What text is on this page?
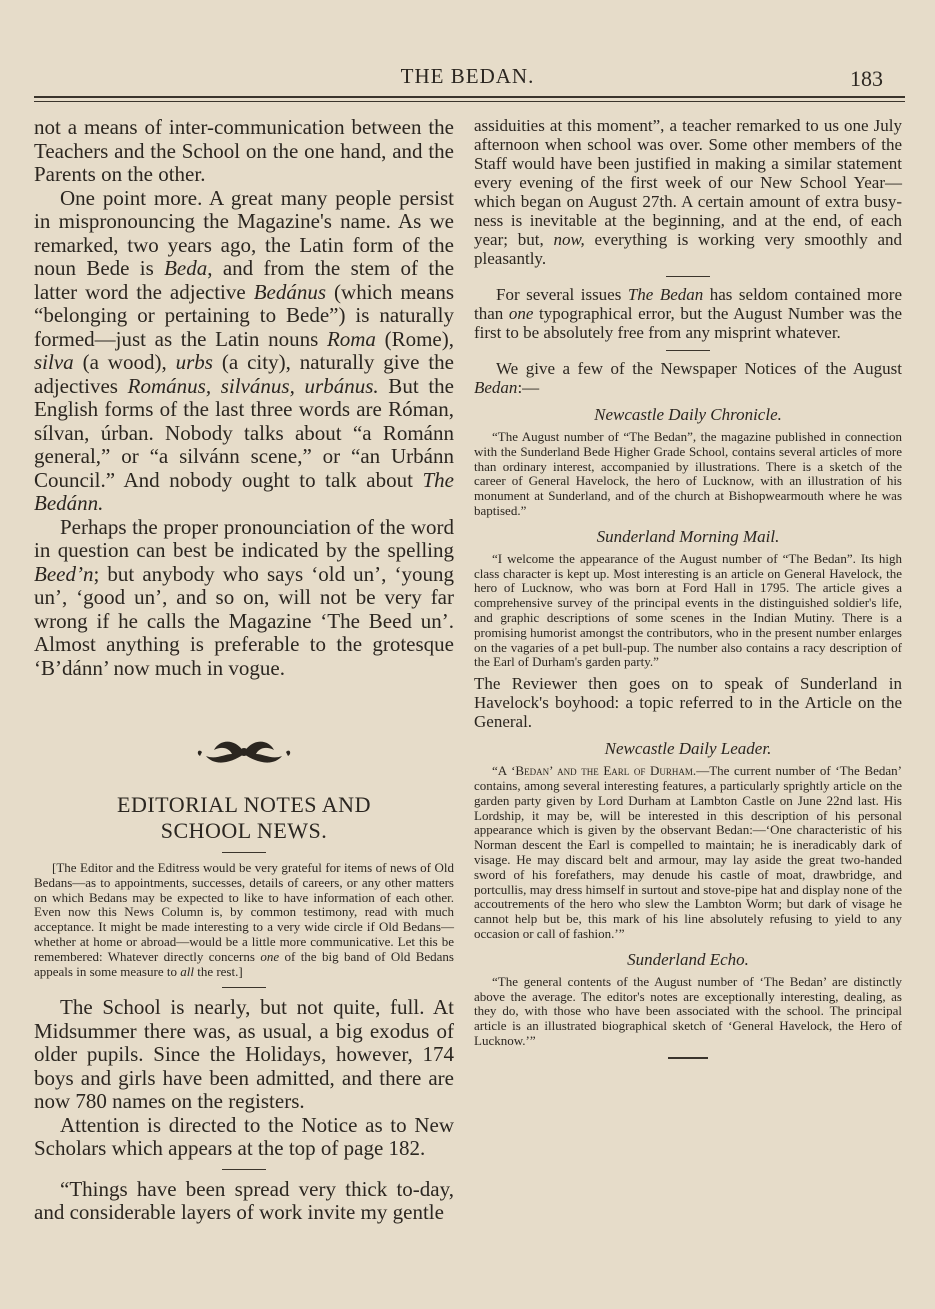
THE BEDAN.	183

not a means of inter-communication between the Teachers and the School on the one hand, and the Parents on the other.

One point more. A great many people persist in mispronouncing the Magazine's name. As we remarked, two years ago, the Latin form of the noun Bede is Beda, and from the stem of the latter word the adjective Bedánus (which means “belonging or pertaining to Bede”) is naturally formed—just as the Latin nouns Roma (Rome), silva (a wood), urbs (a city), naturally give the adjectives Románus, silvánus, urbánus. But the English forms of the last three words are Róman, sílvan, úrban. Nobody talks about “a Románn general,” or “a silvánn scene,” or “an Urbánn Council.” And nobody ought to talk about The Bedánn.

Perhaps the proper pronounciation of the word in question can best be indicated by the spelling Beed’n; but anybody who says ‘old un’, ‘young un’, ‘good un’, and so on, will not be very far wrong if he calls the Magazine ‘The Beed un’. Almost anything is preferable to the grotesque ‘B’dánn’ now much in vogue.

EDITORIAL NOTES AND
SCHOOL NEWS.

[The Editor and the Editress would be very grateful for items of news of Old Bedans—as to appointments, successes, details of careers, or any other matters on which Bedans may be expected to like to have information of each other. Even now this News Column is, by common testimony, read with much acceptance. It might be made interesting to a very wide circle if Old Bedans—whether at home or abroad—would be a little more communicative. Let this be remembered: Whatever directly concerns one of the big band of Old Bedans appeals in some measure to all the rest.]

The School is nearly, but not quite, full. At Midsummer there was, as usual, a big exodus of older pupils. Since the Holidays, however, 174 boys and girls have been admitted, and there are now 780 names on the registers.

Attention is directed to the Notice as to New Scholars which appears at the top of page 182.

“Things have been spread very thick to-day, and considerable layers of work invite my gentle

assiduities at this moment”, a teacher remarked to us one July afternoon when school was over. Some other members of the Staff would have been justified in making a similar statement every evening of the first week of our New School Year—which began on August 27th. A certain amount of extra busy-ness is inevitable at the beginning, and at the end, of each year; but, now, everything is working very smoothly and pleasantly.

For several issues The Bedan has seldom contained more than one typographical error, but the August Number was the first to be absolutely free from any misprint whatever.

We give a few of the Newspaper Notices of the August Bedan:—

Newcastle Daily Chronicle.

“The August number of “The Bedan”, the magazine published in connection with the Sunderland Bede Higher Grade School, contains several articles of more than ordinary interest, accompanied by illustrations. There is a sketch of the career of General Havelock, the hero of Lucknow, with an illustration of his monument at Sunderland, and of the church at Bishopwearmouth where he was baptised.”

Sunderland Morning Mail.

“I welcome the appearance of the August number of “The Bedan”. Its high class character is kept up. Most interesting is an article on General Havelock, the hero of Lucknow, who was born at Ford Hall in 1795. The article gives a comprehensive survey of the principal events in the distinguished soldier's life, and graphic descriptions of some scenes in the Indian Mutiny. There is a promising humorist amongst the contributors, who in the present number enlarges on the vagaries of a pet bull-pup. The number also contains a racy description of the Earl of Durham's garden party.”

The Reviewer then goes on to speak of Sunderland in Havelock's boyhood: a topic referred to in the Article on the General.

Newcastle Daily Leader.

“A ‘Bedan’ and the Earl of Durham.—The current number of ‘The Bedan’ contains, among several interesting features, a particularly sprightly article on the garden party given by Lord Durham at Lambton Castle on June 22nd last. His Lordship, it may be, will be interested in this description of his personal appearance which is given by the observant Bedan:—‘One characteristic of his Norman descent the Earl is compelled to maintain; he is ineradicably dark of visage. He may discard belt and armour, may lay aside the great two-handed sword of his forefathers, may denude his castle of moat, drawbridge, and portcullis, may dress himself in surtout and stove-pipe hat and display none of the accoutrements of the hero who slew the Lambton Worm; but dark of visage he cannot help but be, this mark of his line absolutely refusing to yield to any occasion or call of fashion.’”

Sunderland Echo.

“The general contents of the August number of ‘The Bedan’ are distinctly above the average. The editor's notes are exceptionally interesting, dealing, as they do, with those who have been associated with the school. The principal article is an illustrated biographical sketch of ‘General Havelock, the Hero of Lucknow.’”
